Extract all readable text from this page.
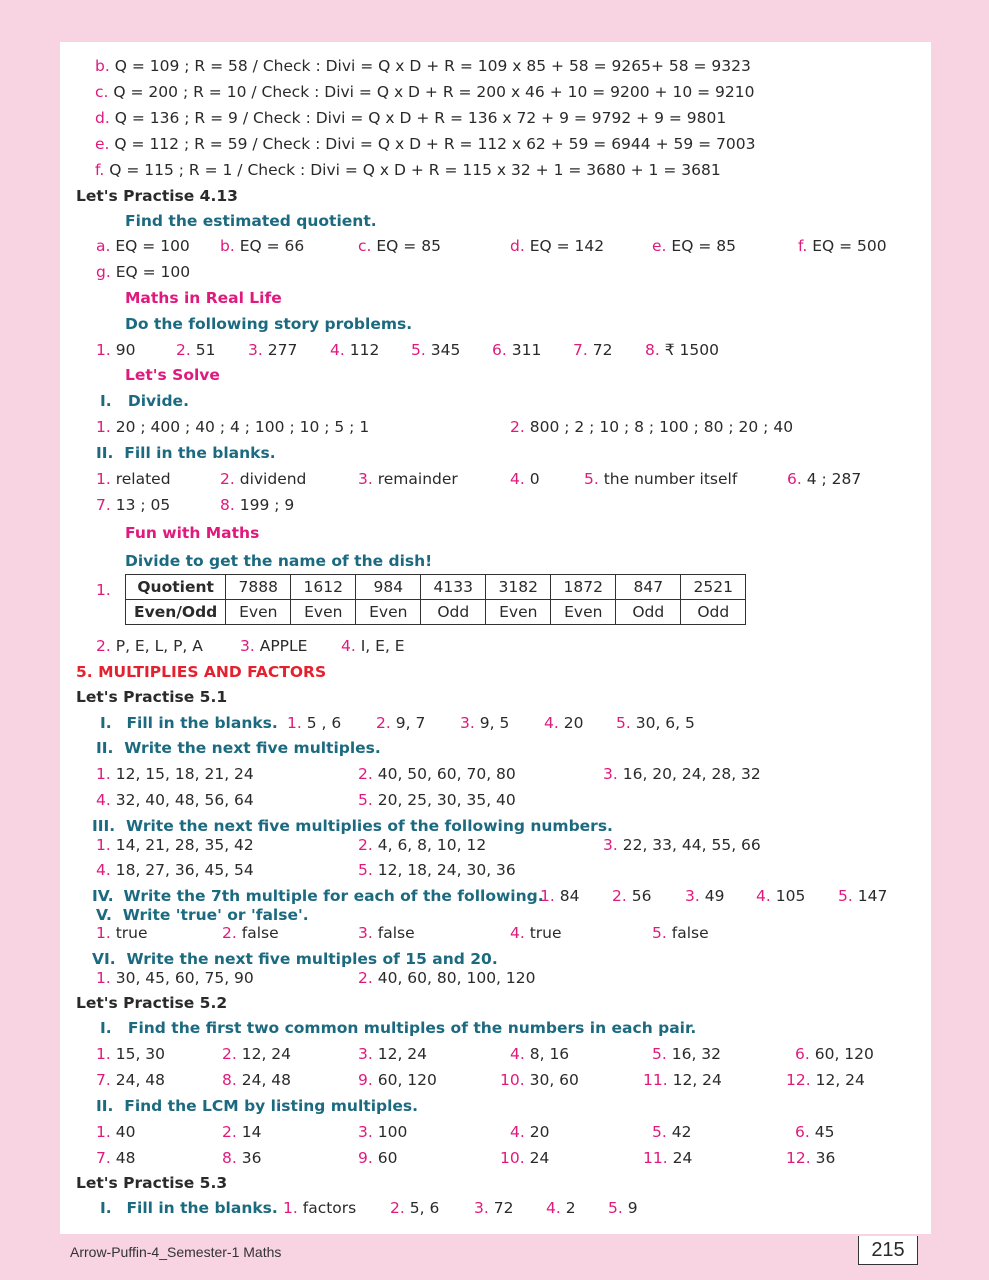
b. Q = 109 ; R = 58 / Check : Divi = Q x D + R = 109 x 85 + 58 = 9265+ 58 = 9323
c. Q = 200 ; R = 10 / Check : Divi = Q x D + R = 200 x 46 + 10 = 9200 + 10 = 9210
d. Q = 136 ; R = 9 / Check : Divi = Q x D + R = 136 x 72 + 9 = 9792 + 9 = 9801
e. Q = 112 ; R = 59 / Check : Divi = Q x D + R = 112 x 62 + 59 = 6944 + 59 = 7003
f. Q = 115 ; R = 1 / Check : Divi = Q x D + R = 115 x 32 + 1 = 3680 + 1 = 3681
Let's Practise 4.13
Find the estimated quotient.
a. EQ = 100 b. EQ = 66	c. EQ = 85	d. EQ = 142	e. EQ = 85	f. EQ = 500
g. EQ = 100
Maths in Real Life
Do the following story problems.
1. 90	2. 51 3. 277 4. 112 5. 345 6. 311 7. 72 8. ₹ 1500
Let's Solve
I. Divide.
1. 20 ; 400 ; 40 ; 4 ; 100 ; 10 ; 5 ; 1	2. 800 ; 2 ; 10 ; 8 ; 100 ; 80 ; 20 ; 40
II. Fill in the blanks.
1. related	2. dividend	3. remainder	4. 0	5. the number itself	6. 4 ; 287
7. 13 ; 05	8. 199 ; 9
Fun with Maths
Divide to get the name of the dish!
1. Quotient	7888	1612	984	4133	3182	1872	847	2521
Even/Odd	Even	Even	Even	Odd	Even	Even	Odd	Odd
2. P, E, L, P, A 3. APPLE 4. I, E, E
5. MULTIPLIES AND FACTORS
Let's Practise 5.1
I. Fill in the blanks. 1. 5 , 6 2. 9, 7 3. 9, 5 4. 20 5. 30, 6, 5
II. Write the next five multiples.
1. 12, 15, 18, 21, 24	2. 40, 50, 60, 70, 80	3. 16, 20, 24, 28, 32
4. 32, 40, 48, 56, 64	5. 20, 25, 30, 35, 40
III. Write the next five multiplies of the following numbers.
1. 14, 21, 28, 35, 42	2. 4, 6, 8, 10, 12	3. 22, 33, 44, 55, 66
4. 18, 27, 36, 45, 54	5. 12, 18, 24, 30, 36
IV. Write the 7th multiple for each of the following.
1. 84 2. 56 3. 49 4. 105 5. 147
V. Write 'true' or 'false'.
1. true	2. false	3. false	4. true	5. false
VI. Write the next five multiples of 15 and 20.
1. 30, 45, 60, 75, 90	2. 40, 60, 80, 100, 120
Let's Practise 5.2
I. Find the first two common multiples of the numbers in each pair.
1. 15, 30	2. 12, 24	3. 12, 24	4. 8, 16	5. 16, 32	6. 60, 120
7. 24, 48	8. 24, 48	9. 60, 120	10. 30, 60	11. 12, 24	12. 12, 24
II. Find the LCM by listing multiples.
1. 40	2. 14	3. 100	4. 20	5. 42	6. 45
7. 48	8. 36	9. 60	10. 24	11. 24	12. 36
Let's Practise 5.3
I. Fill in the blanks. 1. factors 2. 5, 6 3. 72 4. 2 5. 9
Arrow-Puffin-4_Semester-1 Maths	215
